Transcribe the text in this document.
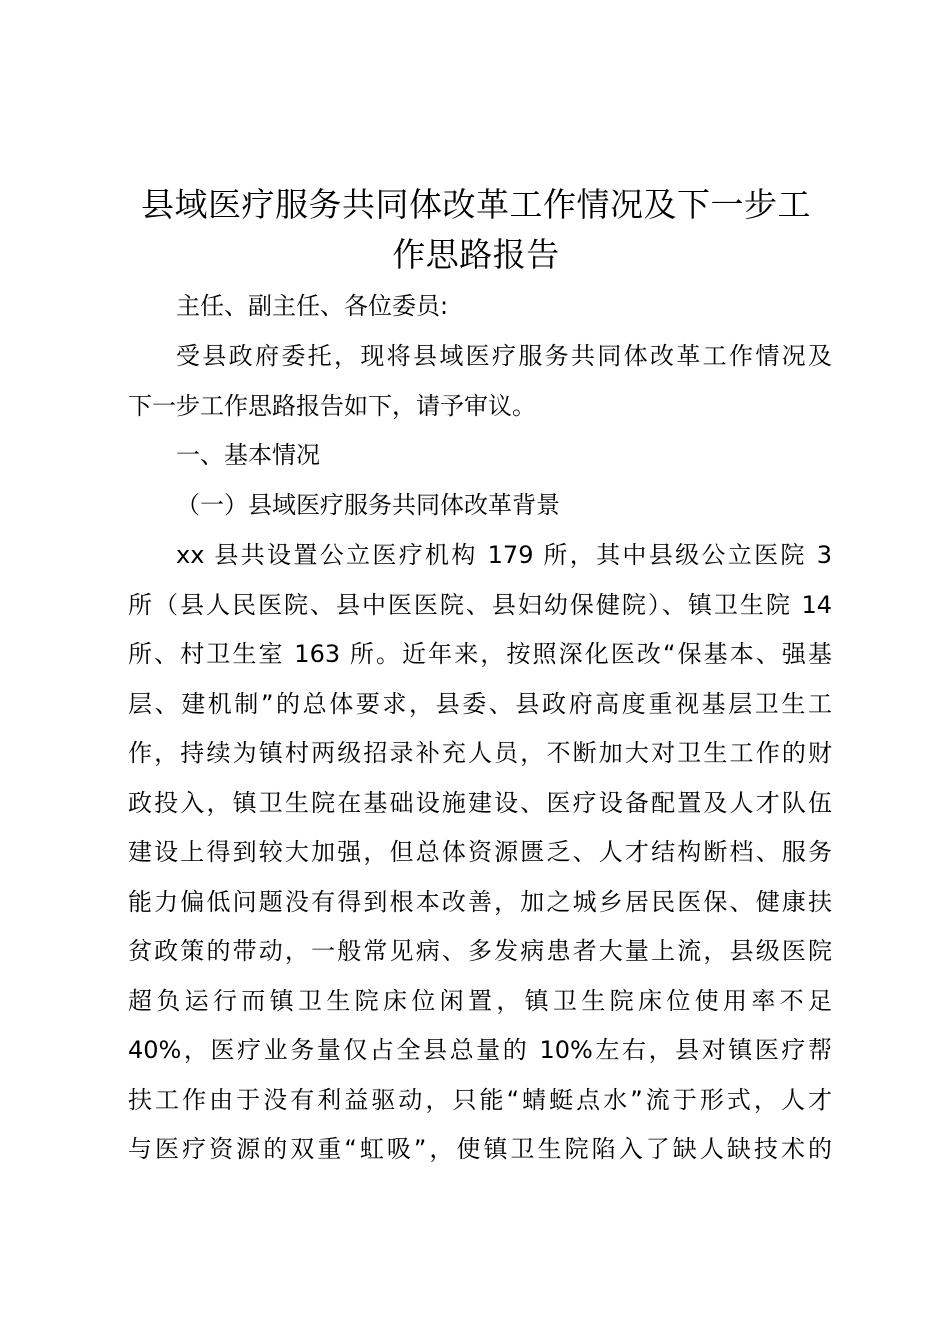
县域医疗服务共同体改革工作情况及下一步工
作思路报告
主任、副主任、各位委员:
受县政府委托，现将县域医疗服务共同体改革工作情况及
下一步工作思路报告如下，请予审议。
一、基本情况
（一）县域医疗服务共同体改革背景
xx 县共设置公立医疗机构 179 所，其中县级公立医院 3
所（县人民医院、县中医医院、县妇幼保健院）、镇卫生院 14
所、村卫生室 163 所。近年来，按照深化医改“保基本、强基
层、建机制”的总体要求，县委、县政府高度重视基层卫生工
作，持续为镇村两级招录补充人员，不断加大对卫生工作的财
政投入，镇卫生院在基础设施建设、医疗设备配置及人才队伍
建设上得到较大加强，但总体资源匮乏、人才结构断档、服务
能力偏低问题没有得到根本改善，加之城乡居民医保、健康扶
贫政策的带动，一般常见病、多发病患者大量上流，县级医院
超负运行而镇卫生院床位闲置，镇卫生院床位使用率不足
40%，医疗业务量仅占全县总量的 10%左右，县对镇医疗帮
扶工作由于没有利益驱动，只能“蜻蜓点水”流于形式，人才
与医疗资源的双重“虹吸”，使镇卫生院陷入了缺人缺技术的
